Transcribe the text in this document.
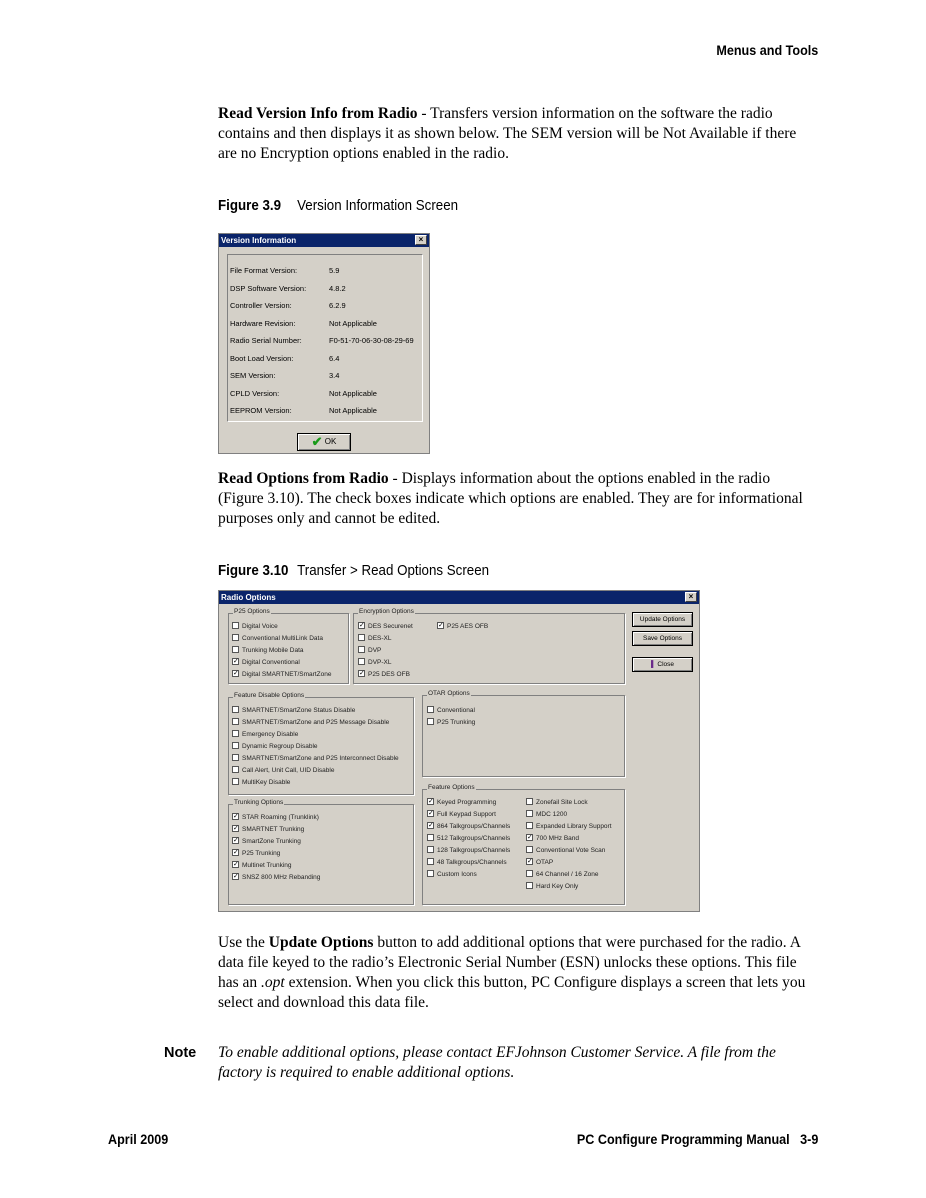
Menus and Tools

Read Version Info from Radio - Transfers version information on the software the radio contains and then displays it as shown below. The SEM version will be Not Available if there are no Encryption options enabled in the radio.

Figure 3.9 Version Information Screen
Version Information	×
File Format Version:	5.9
DSP Software Version:	4.8.2
Controller Version:	6.2.9
Hardware Revision:	Not Applicable
Radio Serial Number:	F0-51-70-06-30-08-29-69
Boot Load Version:	6.4
SEM Version:	3.4
CPLD Version:	Not Applicable
EEPROM Version:	Not Applicable
✔ OK

Read Options from Radio - Displays information about the options enabled in the radio (Figure 3.10). The check boxes indicate which options are enabled. They are for informational purposes only and cannot be edited.

Figure 3.10 Transfer > Read Options Screen
Radio Options	×
P25 Options	Encryption Options
Feature Disable Options	OTAR Options
Trunking Options
Feature Options
Digital Voice
Conventional MultiLink Data
Trunking Mobile Data
✓ Digital Conventional
✓ Digital SMARTNET/SmartZone
✓ DES Securenet
DES-XL
DVP
DVP-XL
✓ P25 DES OFB
✓ P25 AES OFB
SMARTNET/SmartZone Status Disable
SMARTNET/SmartZone and P25 Message Disable
Emergency Disable
Dynamic Regroup Disable
SMARTNET/SmartZone and P25 Interconnect Disable
Call Alert, Unit Call, UID Disable
MultiKey Disable
Conventional
P25 Trunking
✓ STAR Roaming (Trunklink)
✓ SMARTNET Trunking
✓ SmartZone Trunking
✓ P25 Trunking
✓ Multinet Trunking
✓ SNSZ 800 MHz Rebanding
✓ Keyed Programming
✓ Full Keypad Support
✓ 864 Talkgroups/Channels
512 Talkgroups/Channels
128 Talkgroups/Channels
48 Talkgroups/Channels
Custom Icons
Zonefail Site Lock
MDC 1200
Expanded Library Support
✓ 700 MHz Band
Conventional Vote Scan
✓ OTAP
64 Channel / 16 Zone
Hard Key Only
Update Options
Save Options
▌ Close

Use the Update Options button to add additional options that were purchased for the radio. A data file keyed to the radio’s Electronic Serial Number (ESN) unlocks these options. This file has an .opt extension. When you click this button, PC Configure displays a screen that lets you select and download this data file.

Note To enable additional options, please contact EFJohnson Customer Service. A file from the factory is required to enable additional options.

April 2009	PC Configure Programming Manual 3-9
